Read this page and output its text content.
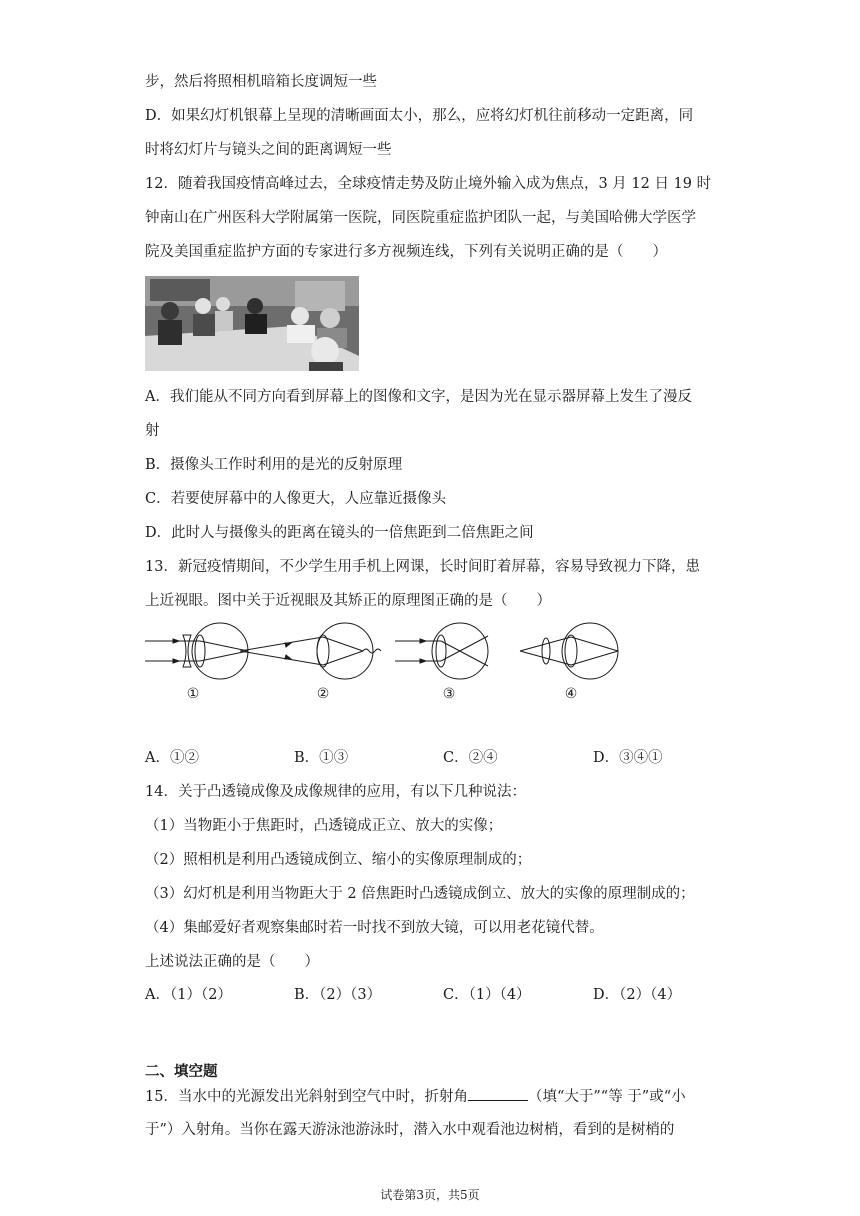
步，然后将照相机暗箱长度调短一些
D．如果幻灯机银幕上呈现的清晰画面太小，那么，应将幻灯机往前移动一定距离，同
时将幻灯片与镜头之间的距离调短一些
12．随着我国疫情高峰过去，全球疫情走势及防止境外输入成为焦点，3 月 12 日 19 时
钟南山在广州医科大学附属第一医院，同医院重症监护团队一起，与美国哈佛大学医学
院及美国重症监护方面的专家进行多方视频连线，下列有关说明正确的是（　　）
A．我们能从不同方向看到屏幕上的图像和文字，是因为光在显示器屏幕上发生了漫反
射
B．摄像头工作时利用的是光的反射原理
C．若要使屏幕中的人像更大，人应靠近摄像头
D．此时人与摄像头的距离在镜头的一倍焦距到二倍焦距之间
13．新冠疫情期间，不少学生用手机上网课，长时间盯着屏幕，容易导致视力下降，患
上近视眼。图中关于近视眼及其矫正的原理图正确的是（　　）
①	②	③	④
A．①②	B．①③	C．②④	D．③④①
14．关于凸透镜成像及成像规律的应用，有以下几种说法：
（1）当物距小于焦距时，凸透镜成正立、放大的实像；
（2）照相机是利用凸透镜成倒立、缩小的实像原理制成的；
（3）幻灯机是利用当物距大于 2 倍焦距时凸透镜成倒立、放大的实像的原理制成的；
（4）集邮爱好者观察集邮时若一时找不到放大镜，可以用老花镜代替。
上述说法正确的是（　　）
A．（1）（2）	B．（2）（3）	C．（1）（4）	D．（2）（4）
二、填空题
15．当水中的光源发出光斜射到空气中时，折射角	（填“大于”“等 于”或“小
于”）入射角。当你在露天游泳池游泳时，潜入水中观看池边树梢，看到的是树梢的
试卷第3页，共5页
